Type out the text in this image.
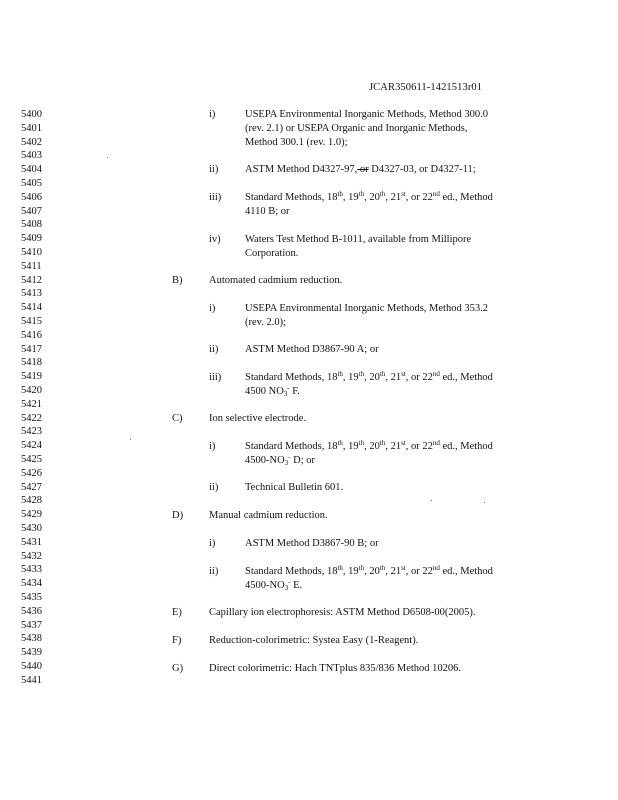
JCAR350611-1421513r01
5400
5401
5402
5403
5404
5405
5406
5407
5408
5409
5410
5411
5412
5413
5414
5415
5416
5417
5418
5419
5420
5421
5422
5423
5424
5425
5426
5427
5428
5429
5430
5431
5432
5433
5434
5435
5436
5437
5438
5439
5440
5441
i)	USEPA Environmental Inorganic Methods, Method 300.0
(rev. 2.1) or USEPA Organic and Inorganic Methods,
Method 300.1 (rev. 1.0);
ii)	ASTM Method D4327-97, or D4327-03, or D4327-11;
iii) Standard Methods, 18th, 19th, 20th, 21st, or 22nd ed., Method
4110 B; or
iv) Waters Test Method B-1011, available from Millipore
Corporation.
B)	Automated cadmium reduction.
i)	USEPA Environmental Inorganic Methods, Method 353.2
(rev. 2.0);
ii)	ASTM Method D3867-90 A; or
iii) Standard Methods, 18th, 19th, 20th, 21st, or 22nd ed., Method
4500 $NO_3^-$ F.
C)	Ion selective electrode.
i)	Standard Methods, 18th, 19th, 20th, 21st, or 22nd ed., Method
$4500-NO_3^-$ D; or
ii)	Technical Bulletin 601.
D) Manual cadmium reduction.
i)	ASTM Method D3867-90 B; or
ii)	Standard Methods, 18th, 19th, 20th, 21st, or 22nd ed., Method
$4500-NO_3^-$ E.
E)	Capillary ion electrophoresis: ASTM Method D6508-00(2005).
F)	Reduction-colorimetric: Systea Easy (1-Reagent).
G) Direct colorimetric: Hach TNTplus 835/836 Method 10206.
